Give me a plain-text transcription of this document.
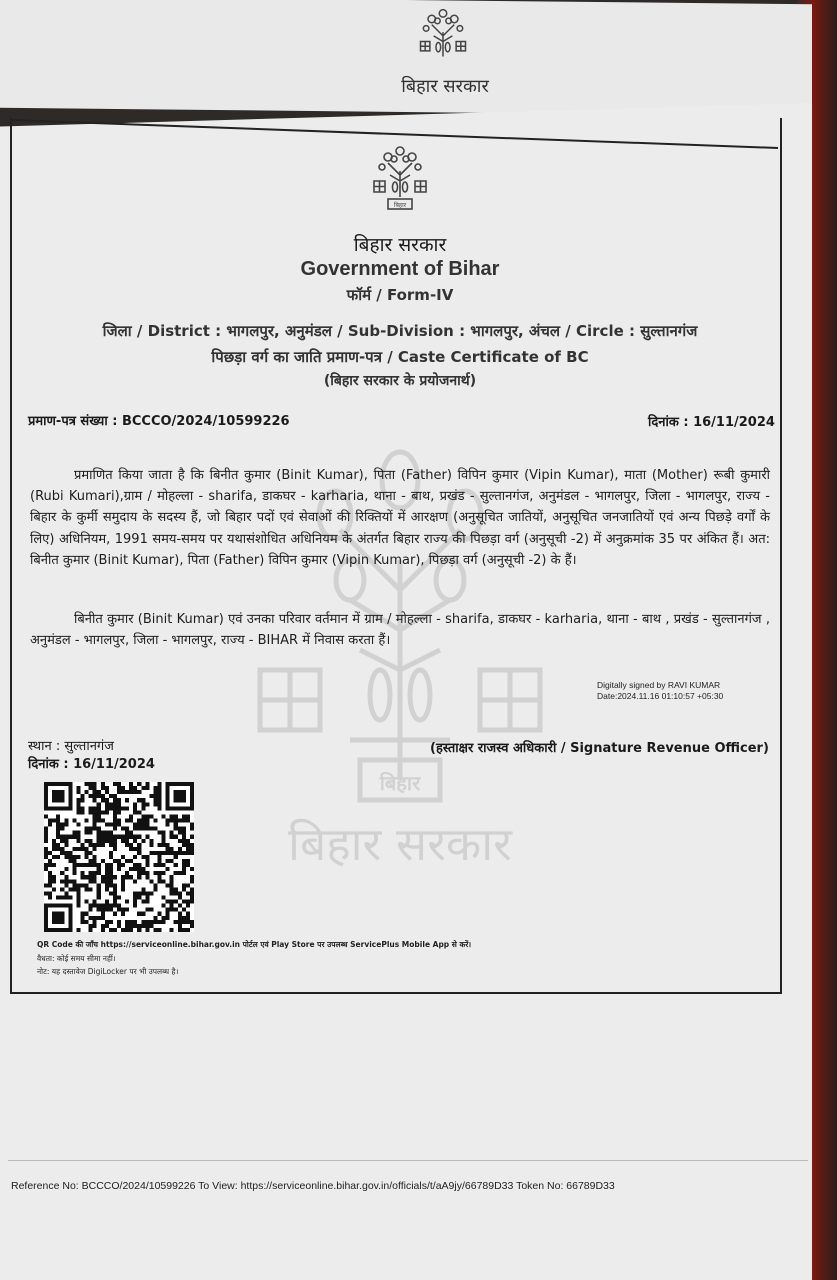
बिहार सरकार
बिहार
बिहार सरकार
बिहार
बिहार सरकार
Government of Bihar
फॉर्म / Form-IV
जिला / District : भागलपुर, अनुमंडल / Sub-Division : भागलपुर, अंचल / Circle : सुल्तानगंज
पिछड़ा वर्ग का जाति प्रमाण-पत्र / Caste Certificate of BC
(बिहार सरकार के प्रयोजनार्थ)
प्रमाण-पत्र संख्या : BCCCO/2024/10599226	दिनांक : 16/11/2024
प्रमाणित किया जाता है कि बिनीत कुमार (Binit Kumar), पिता (Father) विपिन कुमार (Vipin Kumar), माता (Mother) रूबी कुमारी (Rubi Kumari),ग्राम / मोहल्ला - sharifa, डाकघर - karharia, थाना - बाथ, प्रखंड - सुल्तानगंज, अनुमंडल - भागलपुर, जिला - भागलपुर, राज्य - बिहार के कुर्मी समुदाय के सदस्य हैं, जो बिहार पदों एवं सेवाओं की रिक्तियों में आरक्षण (अनुसूचित जातियों, अनुसूचित जनजातियों एवं अन्य पिछड़े वर्गों के लिए) अधिनियम, 1991 समय-समय पर यथासंशोधित अधिनियम के अंतर्गत बिहार राज्य की पिछड़ा वर्ग (अनुसूची -2) में अनुक्रमांक 35 पर अंकित हैं। अत: बिनीत कुमार (Binit Kumar), पिता (Father) विपिन कुमार (Vipin Kumar), पिछड़ा वर्ग (अनुसूची -2) के हैं।
बिनीत कुमार (Binit Kumar) एवं उनका परिवार वर्तमान में ग्राम / मोहल्ला - sharifa, डाकघर - karharia, थाना - बाथ , प्रखंड - सुल्तानगंज , अनुमंडल - भागलपुर, जिला - भागलपुर, राज्य - BIHAR में निवास करता हैं।
Digitally signed by RAVI KUMAR
Date:2024.11.16 01:10:57 +05:30
स्थान : सुल्तानगंज
दिनांक : 16/11/2024
(हस्ताक्षर राजस्व अधिकारी / Signature Revenue Officer)
QR Code की जाँच https://serviceonline.bihar.gov.in पोर्टल एवं Play Store पर उपलब्ध ServicePlus Mobile App से करें।
वैधता: कोई समय सीमा नहीं।
नोट: यह दस्तावेज DigiLocker पर भी उपलब्ध है।
Reference No: BCCCO/2024/10599226 To View: https://serviceonline.bihar.gov.in/officials/t/aA9jy/66789D33 Token No: 66789D33
